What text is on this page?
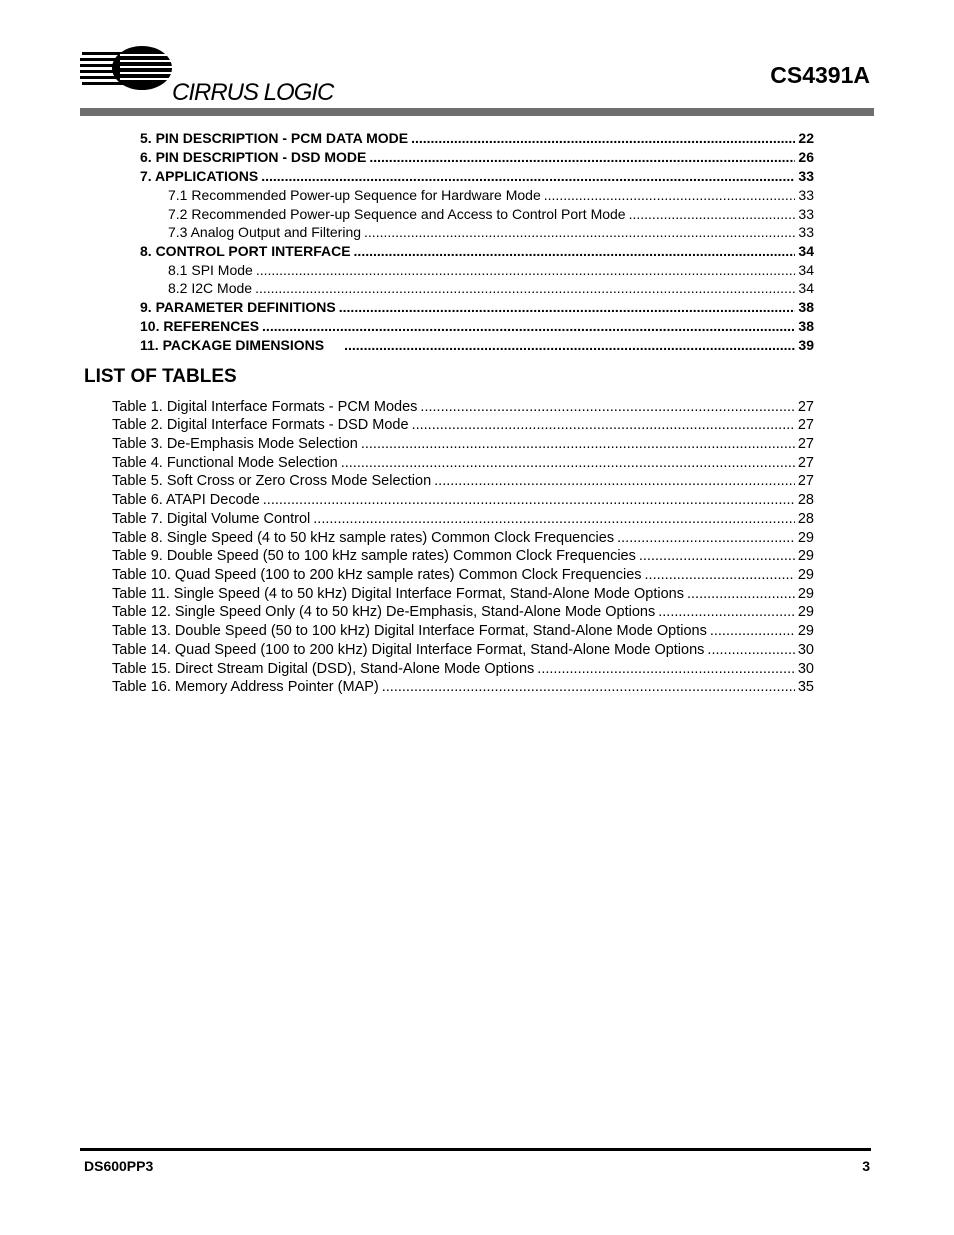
CIRRUS LOGIC
CS4391A
5. PIN DESCRIPTION - PCM DATA MODE .....	22
6. PIN DESCRIPTION - DSD MODE .....	26
7. APPLICATIONS .....	33
7.1 Recommended Power-up Sequence for Hardware Mode .....	33
7.2 Recommended Power-up Sequence and Access to Control Port Mode .....	33
7.3 Analog Output and Filtering .....	33
8. CONTROL PORT INTERFACE .....	34
8.1 SPI Mode .....	34
8.2 I2C Mode .....	34
9. PARAMETER DEFINITIONS .....	38
10. REFERENCES .....	38
11. PACKAGE DIMENSIONS .....	39
LIST OF TABLES
Table 1. Digital Interface Formats - PCM Modes .....	27
Table 2. Digital Interface Formats - DSD Mode .....	27
Table 3. De-Emphasis Mode Selection .....	27
Table 4. Functional Mode Selection .....	27
Table 5. Soft Cross or Zero Cross Mode Selection .....	27
Table 6. ATAPI Decode .....	28
Table 7. Digital Volume Control .....	28
Table 8. Single Speed (4 to 50 kHz sample rates) Common Clock Frequencies .....	29
Table 9. Double Speed (50 to 100 kHz sample rates) Common Clock Frequencies .....	29
Table 10. Quad Speed (100 to 200 kHz sample rates) Common Clock Frequencies .....	29
Table 11. Single Speed (4 to 50 kHz) Digital Interface Format, Stand-Alone Mode Options .....	29
Table 12. Single Speed Only (4 to 50 kHz) De-Emphasis, Stand-Alone Mode Options .....	29
Table 13. Double Speed (50 to 100 kHz) Digital Interface Format, Stand-Alone Mode Options .....	29
Table 14. Quad Speed (100 to 200 kHz) Digital Interface Format, Stand-Alone Mode Options .....	30
Table 15. Direct Stream Digital (DSD), Stand-Alone Mode Options .....	30
Table 16. Memory Address Pointer (MAP) .....	35
DS600PP3	3
